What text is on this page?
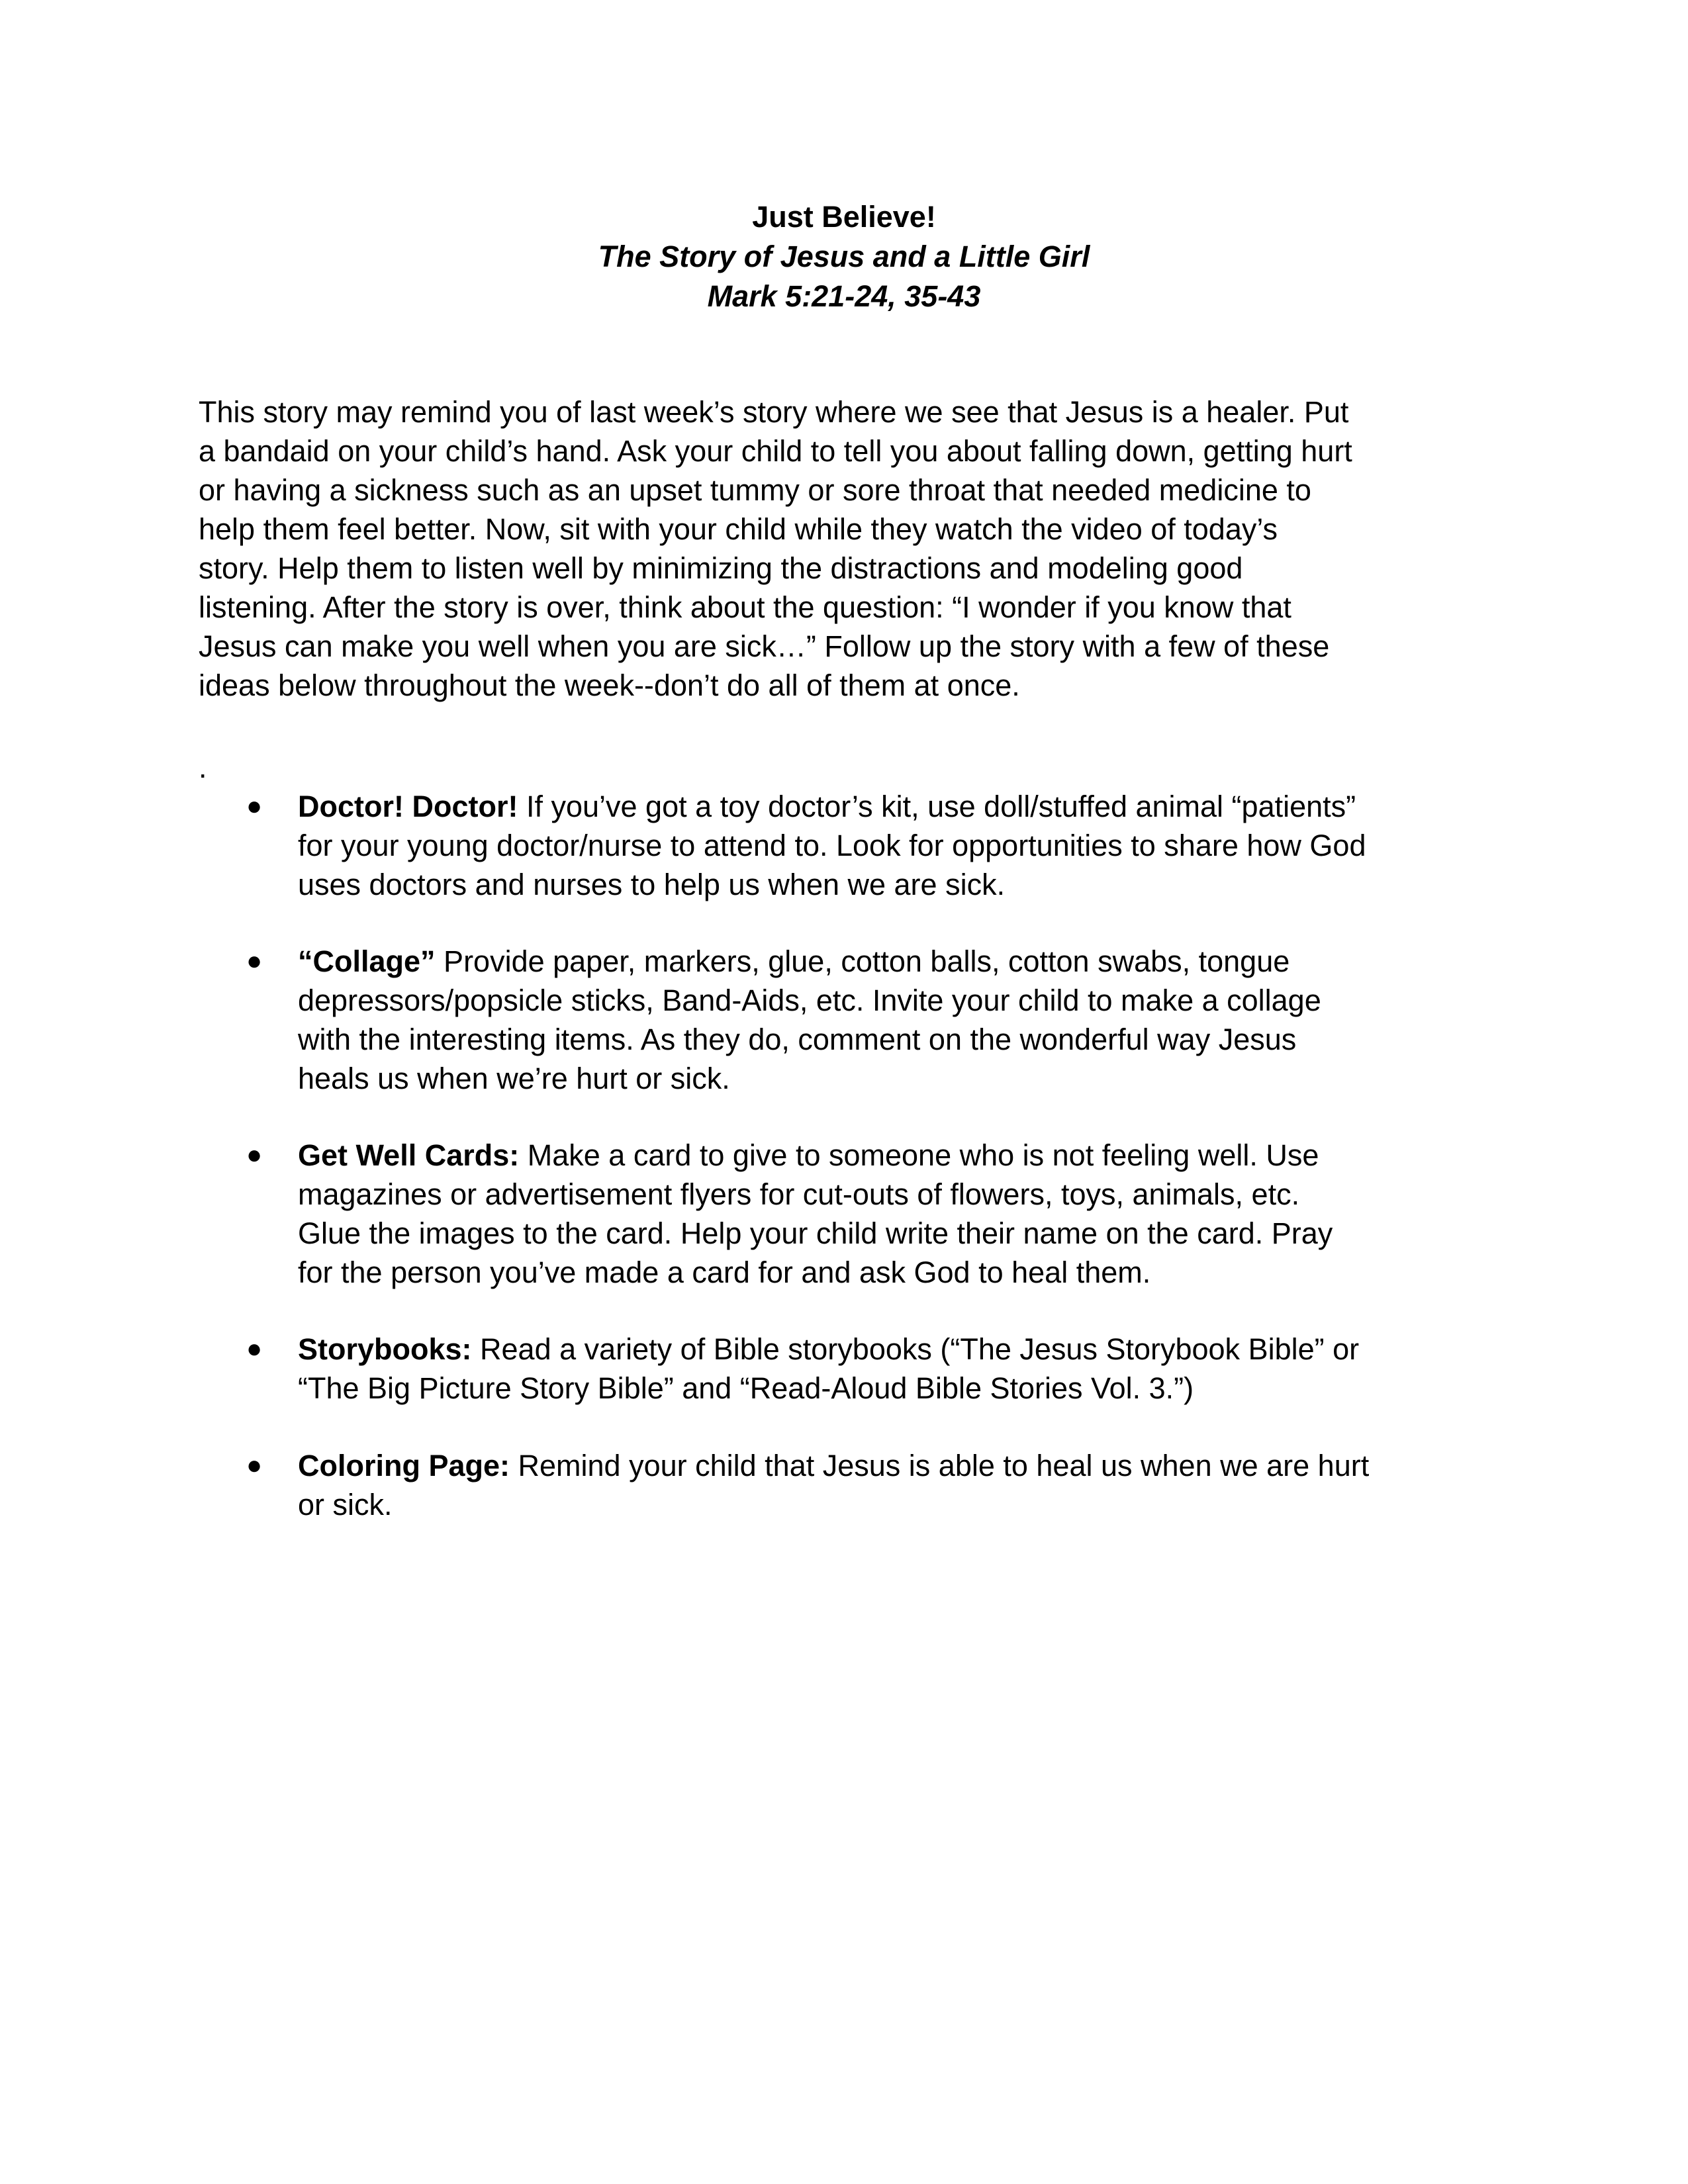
Just Believe!
The Story of Jesus and a Little Girl
Mark 5:21-24, 35-43

This story may remind you of last week’s story where we see that Jesus is a healer. Put
a bandaid on your child’s hand. Ask your child to tell you about falling down, getting hurt
or having a sickness such as an upset tummy or sore throat that needed medicine to
help them feel better. Now, sit with your child while they watch the video of today’s
story. Help them to listen well by minimizing the distractions and modeling good
listening. After the story is over, think about the question: “I wonder if you know that
Jesus can make you well when you are sick…” Follow up the story with a few of these
ideas below throughout the week--don’t do all of them at once.

.
●	Doctor! Doctor! If you’ve got a toy doctor’s kit, use doll/stuffed animal “patients”
for your young doctor/nurse to attend to. Look for opportunities to share how God
uses doctors and nurses to help us when we are sick.
●	“Collage” Provide paper, markers, glue, cotton balls, cotton swabs, tongue
depressors/popsicle sticks, Band-Aids, etc. Invite your child to make a collage
with the interesting items. As they do, comment on the wonderful way Jesus
heals us when we’re hurt or sick.
●	Get Well Cards: Make a card to give to someone who is not feeling well. Use
magazines or advertisement flyers for cut-outs of flowers, toys, animals, etc.
Glue the images to the card. Help your child write their name on the card. Pray
for the person you’ve made a card for and ask God to heal them.
●	Storybooks: Read a variety of Bible storybooks (“The Jesus Storybook Bible” or
“The Big Picture Story Bible” and “Read-Aloud Bible Stories Vol. 3.”)
●	Coloring Page: Remind your child that Jesus is able to heal us when we are hurt
or sick.
